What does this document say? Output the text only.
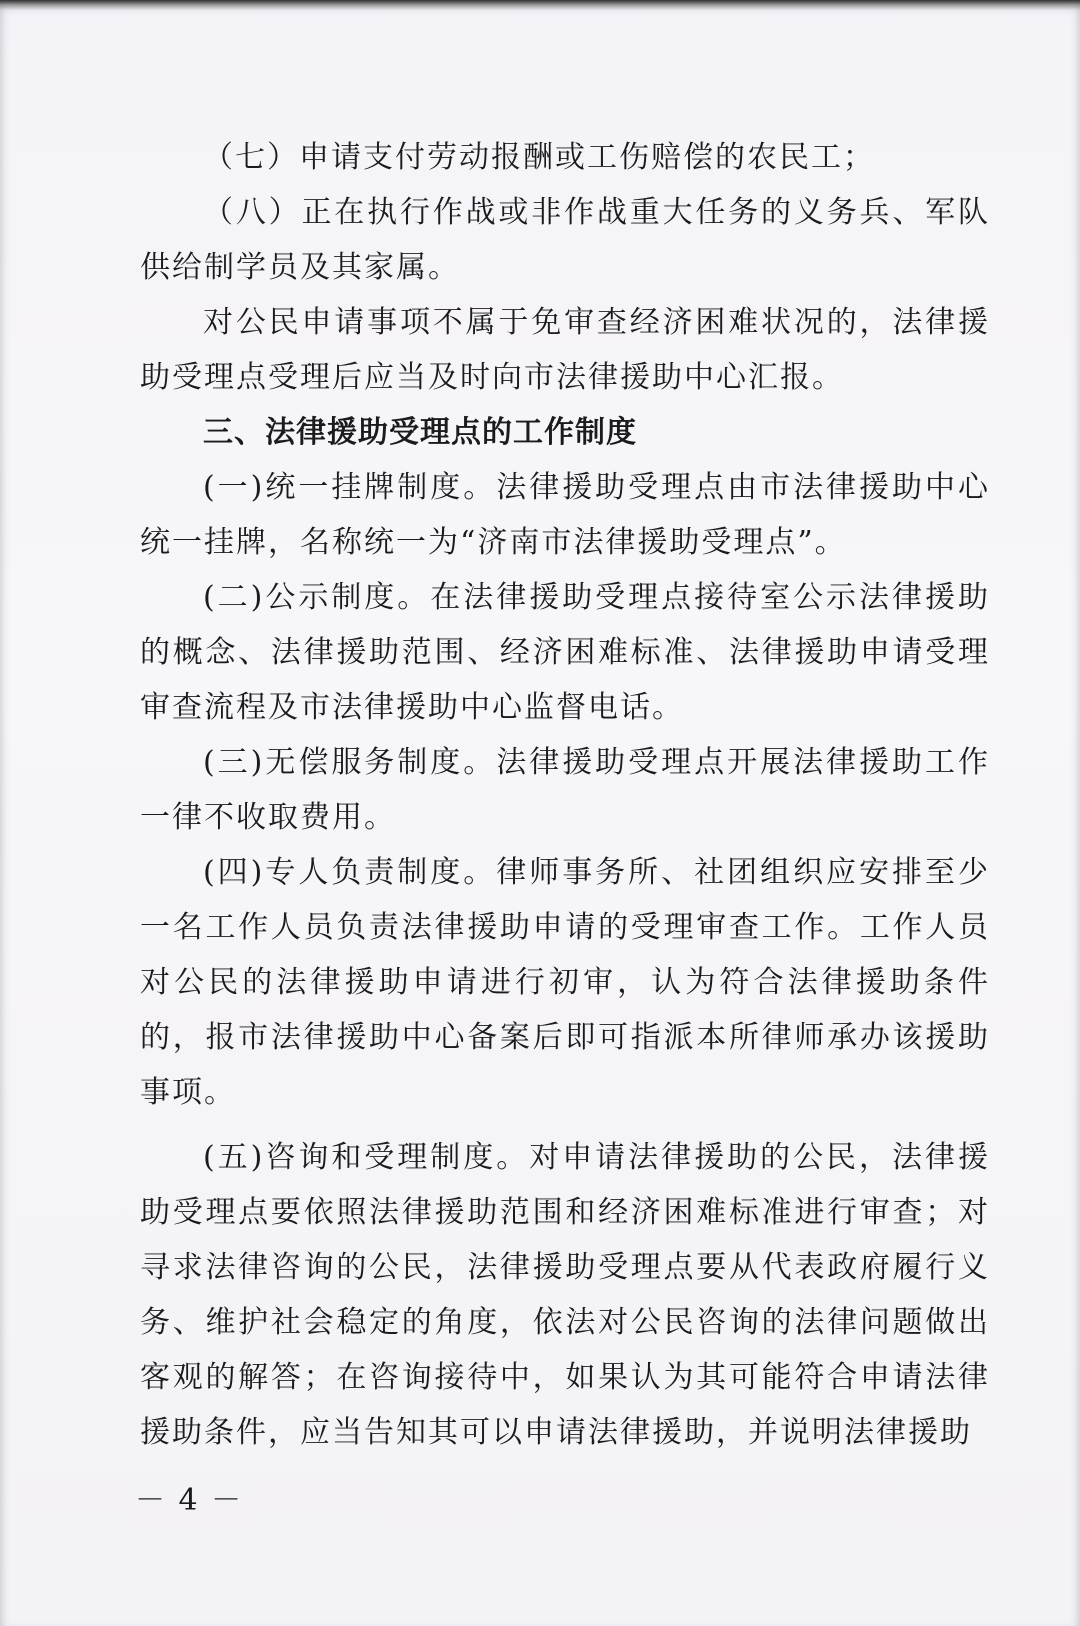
（七）申请支付劳动报酬或工伤赔偿的农民工；

（八）正在执行作战或非作战重大任务的义务兵、军队供给制学员及其家属。

对公民申请事项不属于免审查经济困难状况的，法律援助受理点受理后应当及时向市法律援助中心汇报。

三、法律援助受理点的工作制度

(一)统一挂牌制度。法律援助受理点由市法律援助中心统一挂牌，名称统一为“济南市法律援助受理点”。

(二)公示制度。在法律援助受理点接待室公示法律援助的概念、法律援助范围、经济困难标准、法律援助申请受理审查流程及市法律援助中心监督电话。

(三)无偿服务制度。法律援助受理点开展法律援助工作一律不收取费用。

(四)专人负责制度。律师事务所、社团组织应安排至少一名工作人员负责法律援助申请的受理审查工作。工作人员对公民的法律援助申请进行初审，认为符合法律援助条件的，报市法律援助中心备案后即可指派本所律师承办该援助事项。

(五)咨询和受理制度。对申请法律援助的公民，法律援助受理点要依照法律援助范围和经济困难标准进行审查；对寻求法律咨询的公民，法律援助受理点要从代表政府履行义务、维护社会稳定的角度，依法对公民咨询的法律问题做出客观的解答；在咨询接待中，如果认为其可能符合申请法律援助条件，应当告知其可以申请法律援助，并说明法律援助

－ 4 －
